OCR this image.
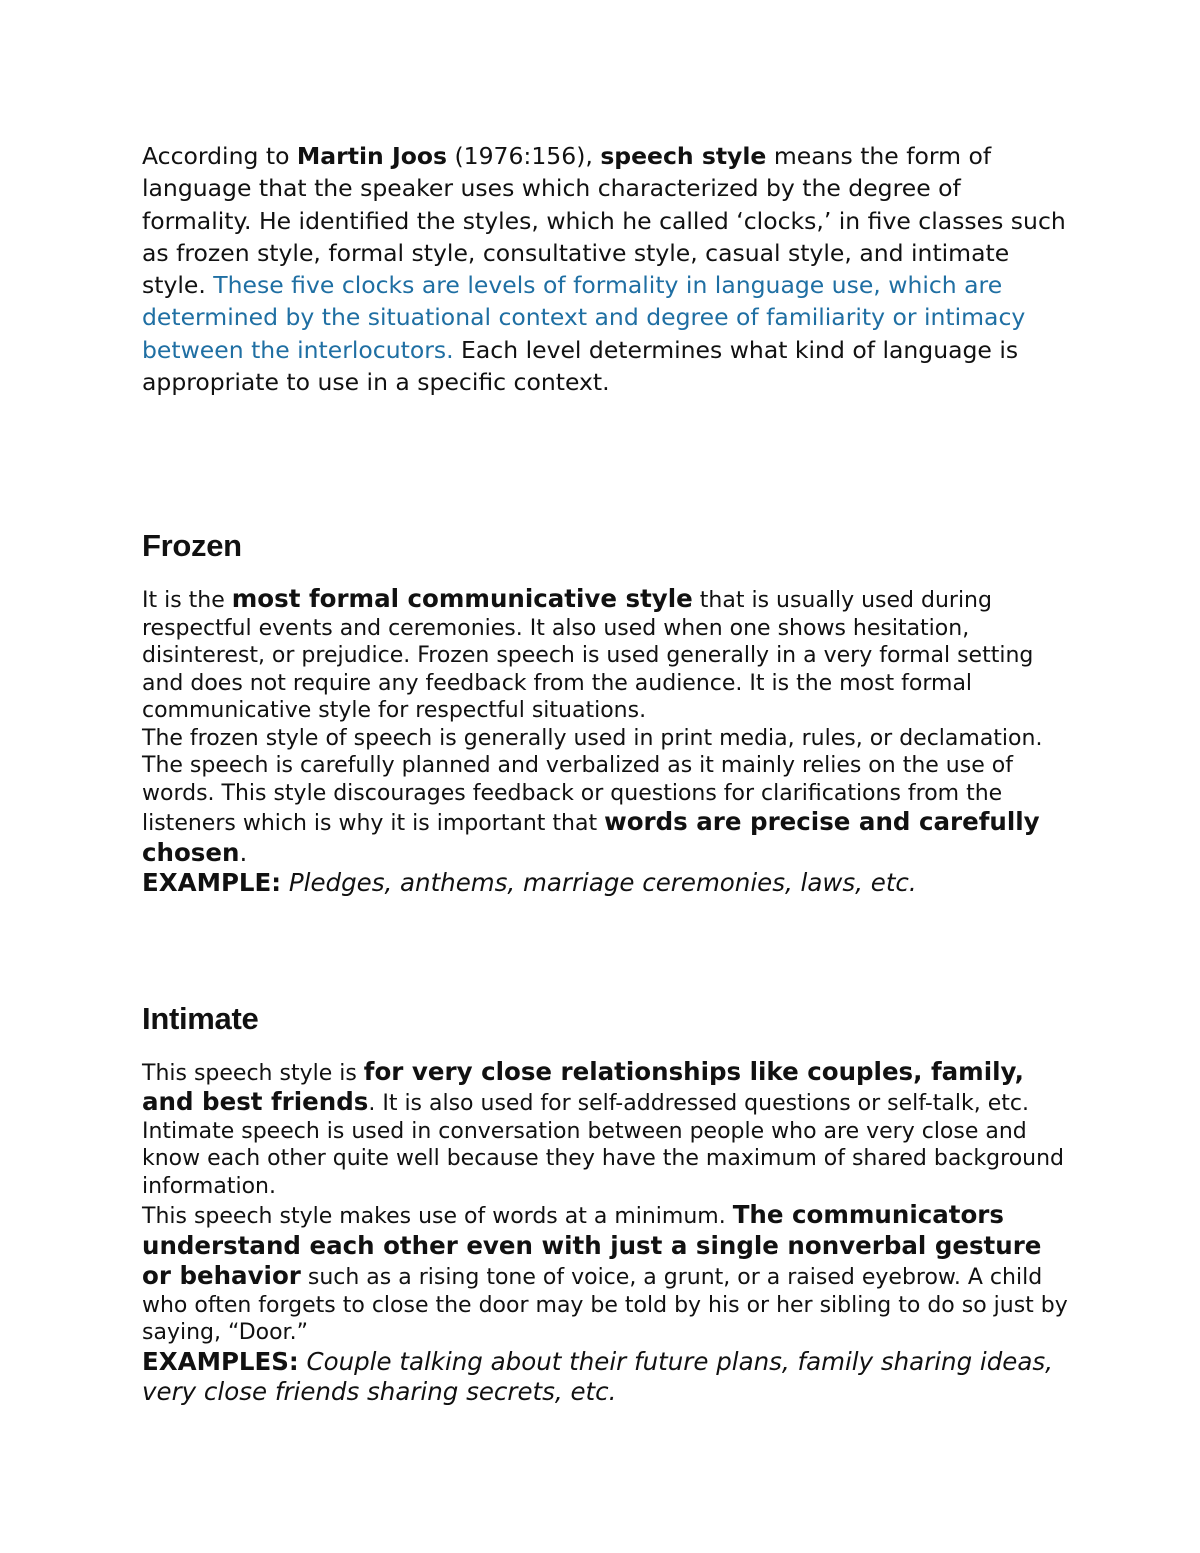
According to Martin Joos (1976:156), speech style means the form of language that the speaker uses which characterized by the degree of formality. He identified the styles, which he called ‘clocks,’ in five classes such as frozen style, formal style, consultative style, casual style, and intimate style. These five clocks are levels of formality in language use, which are determined by the situational context and degree of familiarity or intimacy between the interlocutors. Each level determines what kind of language is appropriate to use in a specific context.

Frozen

It is the most formal communicative style that is usually used during respectful events and ceremonies. It also used when one shows hesitation, disinterest, or prejudice. Frozen speech is used generally in a very formal setting and does not require any feedback from the audience. It is the most formal communicative style for respectful situations.

The frozen style of speech is generally used in print media, rules, or declamation. The speech is carefully planned and verbalized as it mainly relies on the use of words. This style discourages feedback or questions for clarifications from the listeners which is why it is important that words are precise and carefully chosen.
EXAMPLE: Pledges, anthems, marriage ceremonies, laws, etc.

Intimate

This speech style is for very close relationships like couples, family, and best friends. It is also used for self-addressed questions or self-talk, etc. Intimate speech is used in conversation between people who are very close and know each other quite well because they have the maximum of shared background information.

This speech style makes use of words at a minimum. The communicators understand each other even with just a single nonverbal gesture or behavior such as a rising tone of voice, a grunt, or a raised eyebrow. A child who often forgets to close the door may be told by his or her sibling to do so just by saying, “Door.”
EXAMPLES: Couple talking about their future plans, family sharing ideas, very close friends sharing secrets, etc.
